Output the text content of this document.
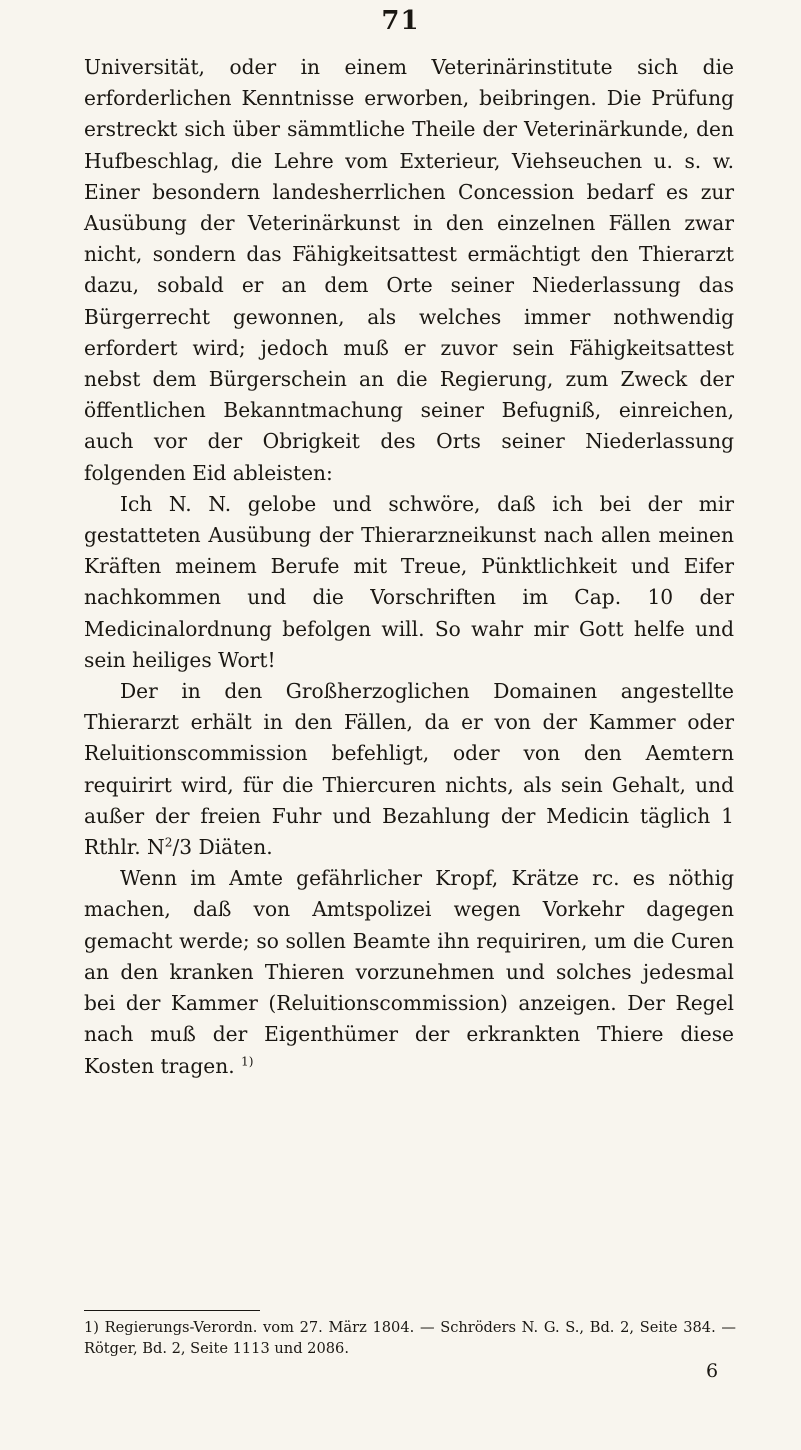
71

Universität, oder in einem Veterinärinstitute sich die erforderlichen Kenntnisse erworben, beibringen. Die Prüfung erstreckt sich über sämmtliche Theile der Veterinärkunde, den Hufbeschlag, die Lehre vom Exterieur, Viehseuchen u. s. w. Einer besondern landesherrlichen Concession bedarf es zur Ausübung der Veterinärkunst in den einzelnen Fällen zwar nicht, sondern das Fähigkeitsattest ermächtigt den Thierarzt dazu, sobald er an dem Orte seiner Niederlassung das Bürgerrecht gewonnen, als welches immer nothwendig erfordert wird; jedoch muß er zuvor sein Fähigkeitsattest nebst dem Bürgerschein an die Regierung, zum Zweck der öffentlichen Bekanntmachung seiner Befugniß, einreichen, auch vor der Obrigkeit des Orts seiner Niederlassung folgenden Eid ableisten:

Ich N. N. gelobe und schwöre, daß ich bei der mir gestatteten Ausübung der Thierarzneikunst nach allen meinen Kräften meinem Berufe mit Treue, Pünktlichkeit und Eifer nachkommen und die Vorschriften im Cap. 10 der Medicinalordnung befolgen will. So wahr mir Gott helfe und sein heiliges Wort!

Der in den Großherzoglichen Domainen angestellte Thierarzt erhält in den Fällen, da er von der Kammer oder Reluitionscommission befehligt, oder von den Aemtern requirirt wird, für die Thiercuren nichts, als sein Gehalt, und außer der freien Fuhr und Bezahlung der Medicin täglich 1 Rthlr. $N^2/3$ Diäten.

Wenn im Amte gefährlicher Kropf, Krätze rc. es nöthig machen, daß von Amtspolizei wegen Vorkehr dagegen gemacht werde; so sollen Beamte ihn requiriren, um die Curen an den kranken Thieren vorzunehmen und solches jedesmal bei der Kammer (Reluitionscommission) anzeigen. Der Regel nach muß der Eigenthümer der erkrankten Thiere diese Kosten tragen. $^{1)}$

1) Regierungs-Verordn. vom 27. März 1804. — Schröders N. G. S., Bd. 2, Seite 384. — Rötger, Bd. 2, Seite 1113 und 2086.

6
